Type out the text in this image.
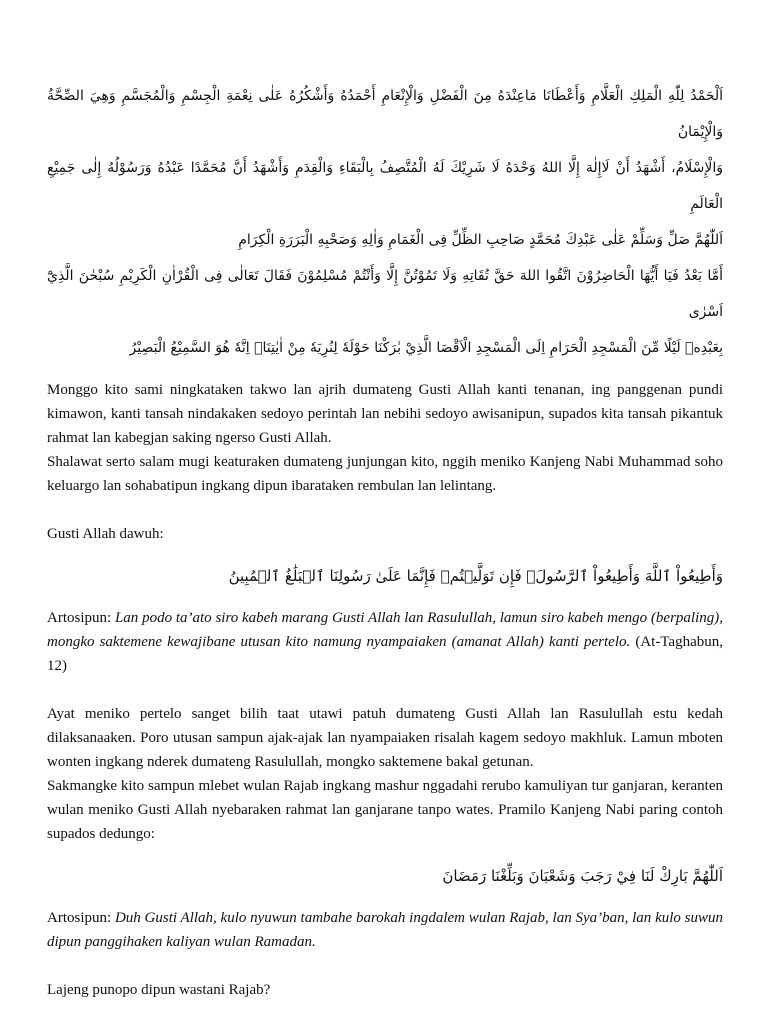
اَلْحَمْدُ لِلّٰهِ الْمَلِكِ الْعَلَّامِ وَأَعْطَانَا مَاعِنْدَهُ مِنَ الْفَضْلِ وَالْإِنْعَامِ أَحْمَدُهُ وَأَشْكُرُهُ عَلٰى نِعْمَةِ الْجِسْمِ وَالْمُجَسَّمِ وَهِيَ الصِّحَّةُ وَالْإِيْمَانُ
وَالْإِسْلَامُ، أَشْهَدُ أَنْ لَاإِلٰهَ إِلَّا اللهُ وَحْدَهُ لَا شَرِيْكَ لَهُ الْمُتَّصِفُ بِالْبَقَاءِ وَالْقِدَمِ وَأَشْهَدُ أَنَّ مُحَمَّدًا عَبْدُهُ وَرَسُوْلُهُ إِلٰى جَمِيْعِ الْعَالَمِ
اَللّٰهُمَّ صَلِّ وَسَلِّمْ عَلٰى عَبْدِكَ مُحَمَّدٍ صَاحِبِ الظِّلِّ فِى الْغَمَامِ وَاٰلِهِ وَصَحْبِهِ الْبَرَرَةِ الْكِرَامِ
أَمَّا بَعْدُ فَيَا أَيُّهَا الْحَاضِرُوْنَ اتَّقُوا اللهَ حَقَّ تُقَاتِهِ وَلَا تَمُوْتُنَّ إِلَّا وَأَنْتُمْ مُسْلِمُوْنَ فَقَالَ تَعَالٰى فِى الْقُرْاٰنِ الْكَرِيْمِ سُبْحٰنَ الَّذِيْٓ اَسْرٰى
بِعَبْدِهٖ لَيْلًا مِّنَ الْمَسْجِدِ الْحَرَامِ اِلَى الْمَسْجِدِ الْاَقْصَا الَّذِيْ بٰرَكْنَا حَوْلَهٗ لِنُرِيَهٗ مِنْ اٰيٰتِنَاۗ اِنَّهٗ هُوَ السَّمِيْعُ الْبَصِيْرُ

Monggo kito sami ningkataken takwo lan ajrih dumateng Gusti Allah kanti tenanan, ing panggenan pundi kimawon, kanti tansah nindakaken sedoyo perintah lan nebihi sedoyo awisanipun, supados kita tansah pikantuk rahmat lan kabegjan saking ngerso Gusti Allah.

Shalawat serto salam mugi keaturaken dumateng junjungan kito, nggih meniko Kanjeng Nabi Muhammad soho keluargo lan sohabatipun ingkang dipun ibarataken rembulan lan lelintang.

Gusti Allah dawuh:

وَأَطِيعُواْ ٱللَّهَ وَأَطِيعُواْ ٱلرَّسُولَۚ فَإِن تَوَلَّيۡتُمۡ فَإِنَّمَا عَلَىٰ رَسُولِنَا ٱلۡبَلَٰغُ ٱلۡمُبِينُ

Artosipun: Lan podo ta’ato siro kabeh marang Gusti Allah lan Rasulullah, lamun siro kabeh mengo (berpaling), mongko saktemene kewajibane utusan kito namung nyampaiaken (amanat Allah) kanti pertelo. (At-Taghabun, 12)

Ayat meniko pertelo sanget bilih taat utawi patuh dumateng Gusti Allah lan Rasulullah estu kedah dilaksanaaken. Poro utusan sampun ajak-ajak lan nyampaiaken risalah kagem sedoyo makhluk. Lamun mboten wonten ingkang nderek dumateng Rasulullah, mongko saktemene bakal getunan.

Sakmangke kito sampun mlebet wulan Rajab ingkang mashur nggadahi rerubo kamuliyan tur ganjaran, keranten wulan meniko Gusti Allah nyebaraken rahmat lan ganjarane tanpo wates. Pramilo Kanjeng Nabi paring contoh supados dedungo:

اَللّٰهُمَّ بَارِكْ لَنَا فِيْ رَجَبَ وَشَعْبَانَ وَبَلِّغْنَا رَمَضَانَ

Artosipun: Duh Gusti Allah, kulo nyuwun tambahe barokah ingdalem wulan Rajab, lan Sya’ban, lan kulo suwun dipun panggihaken kaliyan wulan Ramadan.

Lajeng punopo dipun wastani Rajab?
